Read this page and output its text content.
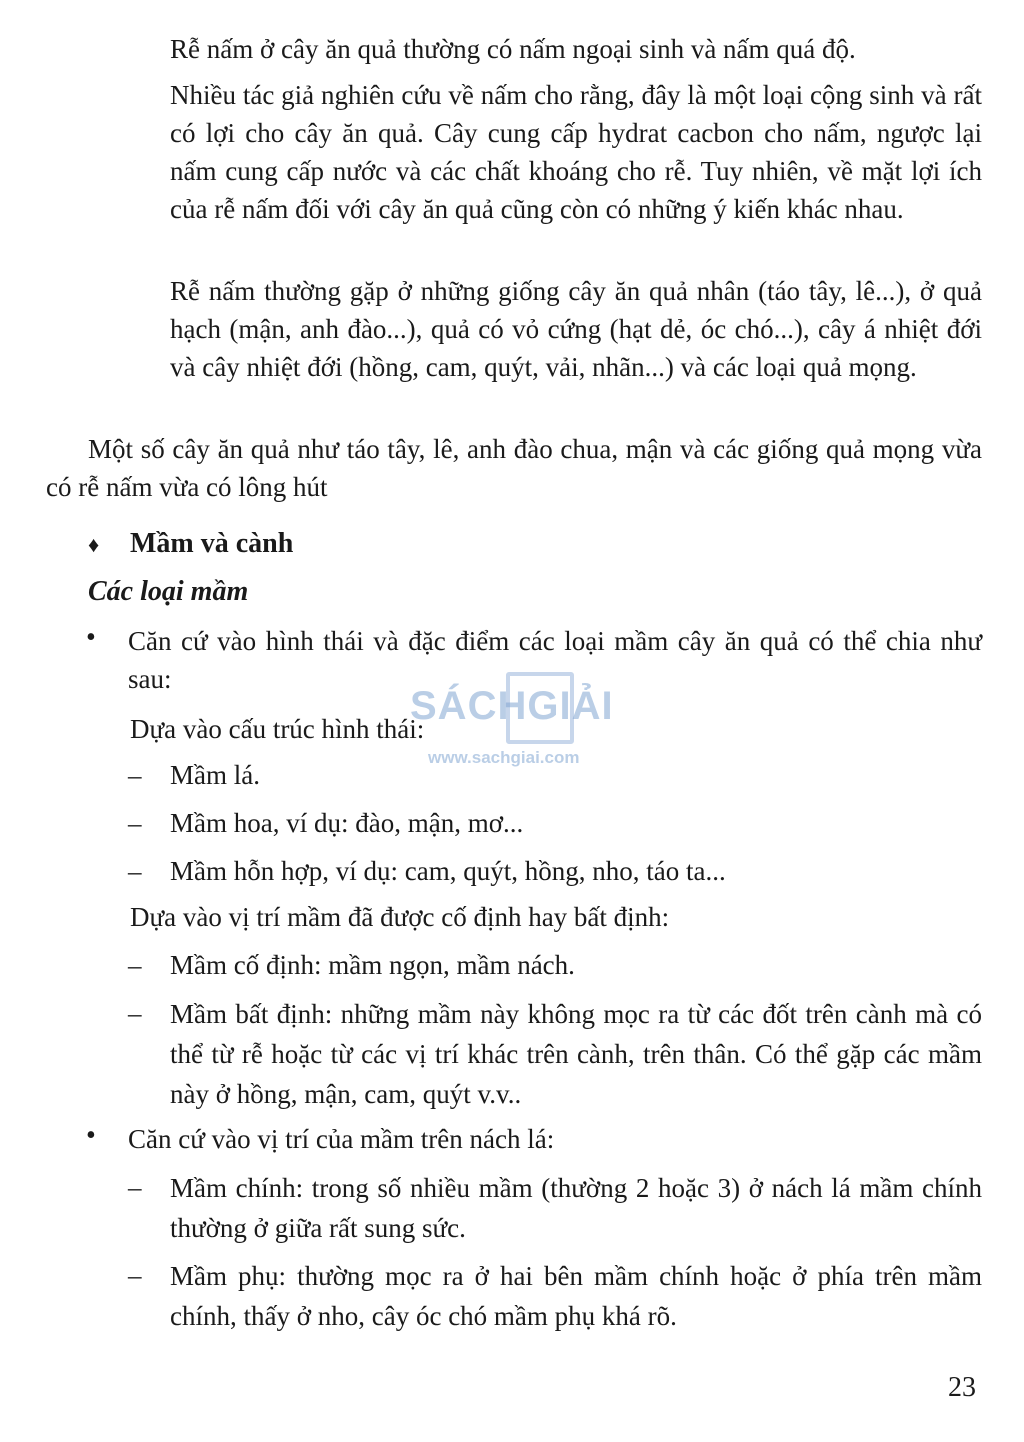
Rễ nấm ở cây ăn quả thường có nấm ngoại sinh và nấm quá độ.
Nhiều tác giả nghiên cứu về nấm cho rằng, đây là một loại cộng sinh và rất có lợi cho cây ăn quả. Cây cung cấp hydrat cacbon cho nấm, ngược lại nấm cung cấp nước và các chất khoáng cho rễ. Tuy nhiên, về mặt lợi ích của rễ nấm đối với cây ăn quả cũng còn có những ý kiến khác nhau.
Rễ nấm thường gặp ở những giống cây ăn quả nhân (táo tây, lê...), ở quả hạch (mận, anh đào...), quả có vỏ cứng (hạt dẻ, óc chó...), cây á nhiệt đới và cây nhiệt đới (hồng, cam, quýt, vải, nhãn...) và các loại quả mọng.
Một số cây ăn quả như táo tây, lê, anh đào chua, mận và các giống quả mọng vừa có rễ nấm vừa có lông hút
♦ Mầm và cành
Các loại mầm
• Căn cứ vào hình thái và đặc điểm các loại mầm cây ăn quả có thể chia như sau:
Dựa vào cấu trúc hình thái:
– Mầm lá.
– Mầm hoa, ví dụ: đào, mận, mơ...
– Mầm hỗn hợp, ví dụ: cam, quýt, hồng, nho, táo ta...
Dựa vào vị trí mầm đã được cố định hay bất định:
– Mầm cố định: mầm ngọn, mầm nách.
– Mầm bất định: những mầm này không mọc ra từ các đốt trên cành mà có thể từ rễ hoặc từ các vị trí khác trên cành, trên thân. Có thể gặp các mầm này ở hồng, mận, cam, quýt v.v..
• Căn cứ vào vị trí của mầm trên nách lá:
– Mầm chính: trong số nhiều mầm (thường 2 hoặc 3) ở nách lá mầm chính thường ở giữa rất sung sức.
– Mầm phụ: thường mọc ra ở hai bên mầm chính hoặc ở phía trên mầm chính, thấy ở nho, cây óc chó mầm phụ khá rõ.
SÁCHGIẢI
www.sachgiai.com
23
